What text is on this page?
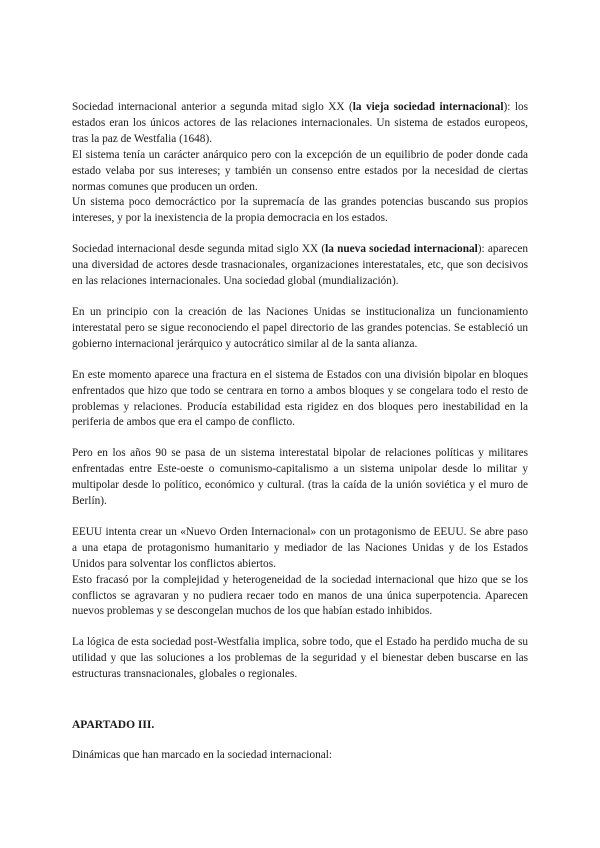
Sociedad internacional anterior a segunda mitad siglo XX (la vieja sociedad internacional): los estados eran los únicos actores de las relaciones internacionales. Un sistema de estados europeos, tras la paz de Westfalia (1648).

El sistema tenía un carácter anárquico pero con la excepción de un equilibrio de poder donde cada estado velaba por sus intereses; y también un consenso entre estados por la necesidad de ciertas normas comunes que producen un orden.

Un sistema poco democráctico por la supremacía de las grandes potencias buscando sus propios intereses, y por la inexistencia de la propia democracia en los estados.

Sociedad internacional desde segunda mitad siglo XX (la nueva sociedad internacional): aparecen una diversidad de actores desde trasnacionales, organizaciones interestatales, etc, que son decisivos en las relaciones internacionales. Una sociedad global (mundialización).

En un principio con la creación de las Naciones Unidas se institucionaliza un funcionamiento interestatal pero se sigue reconociendo el papel directorio de las grandes potencias. Se estableció un gobierno internacional jerárquico y autocrático similar al de la santa alianza.

En este momento aparece una fractura en el sistema de Estados con una división bipolar en bloques enfrentados que hizo que todo se centrara en torno a ambos bloques y se congelara todo el resto de problemas y relaciones. Producía estabilidad esta rigidez en dos bloques pero inestabilidad en la periferia de ambos que era el campo de conflicto.

Pero en los años 90 se pasa de un sistema interestatal bipolar de relaciones políticas y militares enfrentadas entre Este-oeste o comunismo-capitalismo a un sistema unipolar desde lo militar y multipolar desde lo político, económico y cultural. (tras la caída de la unión soviética y el muro de Berlín).

EEUU intenta crear un «Nuevo Orden Internacional» con un protagonismo de EEUU. Se abre paso a una etapa de protagonismo humanitario y mediador de las Naciones Unidas y de los Estados Unidos para solventar los conflictos abiertos.

Esto fracasó por la complejidad y heterogeneidad de la sociedad internacional que hizo que se los conflictos se agravaran y no pudiera recaer todo en manos de una única superpotencia. Aparecen nuevos problemas y se descongelan muchos de los que habían estado inhibidos.

La lógica de esta sociedad post-Westfalia implica, sobre todo, que el Estado ha perdido mucha de su utilidad y que las soluciones a los problemas de la seguridad y el bienestar deben buscarse en las estructuras transnacionales, globales o regionales.

APARTADO III.

Dinámicas que han marcado en la sociedad internacional:
